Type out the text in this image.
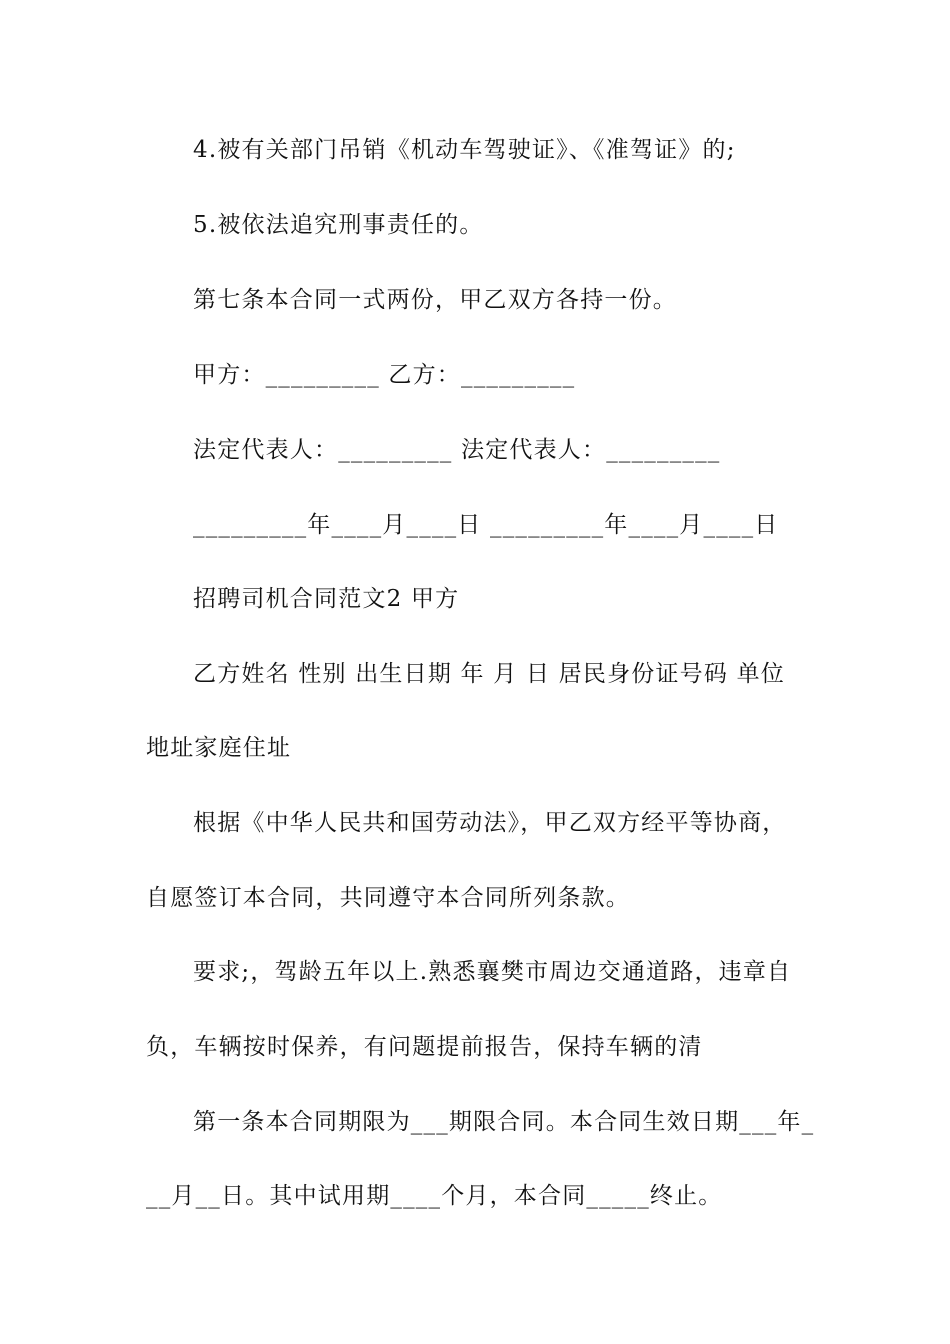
4.被有关部门吊销《机动车驾驶证》、《准驾证》的;
5.被依法追究刑事责任的。
第七条本合同一式两份，甲乙双方各持一份。
甲方：_________ 乙方：_________
法定代表人：_________ 法定代表人：_________
_________年____月____日 _________年____月____日
招聘司机合同范文2 甲方
乙方姓名 性别 出生日期 年 月 日 居民身份证号码 单位
地址家庭住址
根据《中华人民共和国劳动法》，甲乙双方经平等协商，
自愿签订本合同，共同遵守本合同所列条款。
要求;，驾龄五年以上.熟悉襄樊市周边交通道路，违章自
负，车辆按时保养，有问题提前报告，保持车辆的清
第一条本合同期限为___期限合同。本合同生效日期___年_
__月__日。其中试用期____个月，本合同_____终止。
